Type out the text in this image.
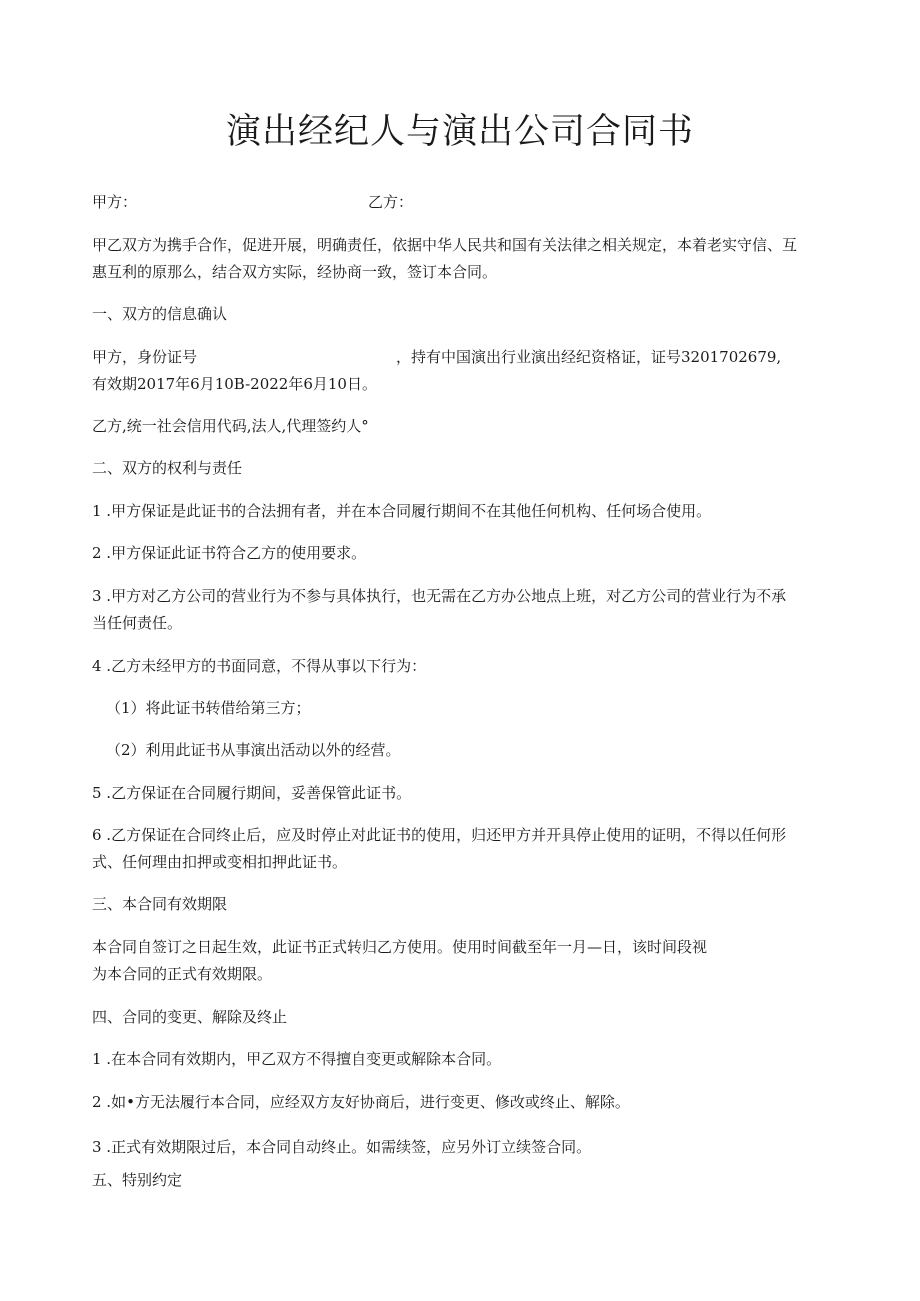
演出经纪人与演出公司合同书
甲方：	乙方：
甲乙双方为携手合作，促进开展，明确责任，依据中华人民共和国有关法律之相关规定，本着老实守信、互
惠互利的原那么，结合双方实际，经协商一致，签订本合同。
一、双方的信息确认
甲方，身份证号	，持有中国演出行业演出经纪资格证，证号3201702679,
有效期2017年6月10B-2022年6月10日。
乙方,统一社会信用代码,法人,代理签约人°
二、双方的权利与责任
1 .甲方保证是此证书的合法拥有者，并在本合同履行期间不在其他任何机构、任何场合使用。
2 .甲方保证此证书符合乙方的使用要求。
3 .甲方对乙方公司的营业行为不参与具体执行，也无需在乙方办公地点上班，对乙方公司的营业行为不承
当任何责任。
4 .乙方未经甲方的书面同意，不得从事以下行为：
（1）将此证书转借给第三方；
（2）利用此证书从事演出活动以外的经营。
5 .乙方保证在合同履行期间，妥善保管此证书。
6 .乙方保证在合同终止后，应及时停止对此证书的使用，归还甲方并开具停止使用的证明，不得以任何形
式、任何理由扣押或变相扣押此证书。
三、本合同有效期限
本合同自签订之日起生效，此证书正式转归乙方使用。使用时间截至年一月—日，该时间段视
为本合同的正式有效期限。
四、合同的变更、解除及终止
1 .在本合同有效期内，甲乙双方不得擅自变更或解除本合同。
2 .如•方无法履行本合同，应经双方友好协商后，进行变更、修改或终止、解除。
3 .正式有效期限过后，本合同自动终止。如需续签，应另外订立续签合同。
五、特别约定
